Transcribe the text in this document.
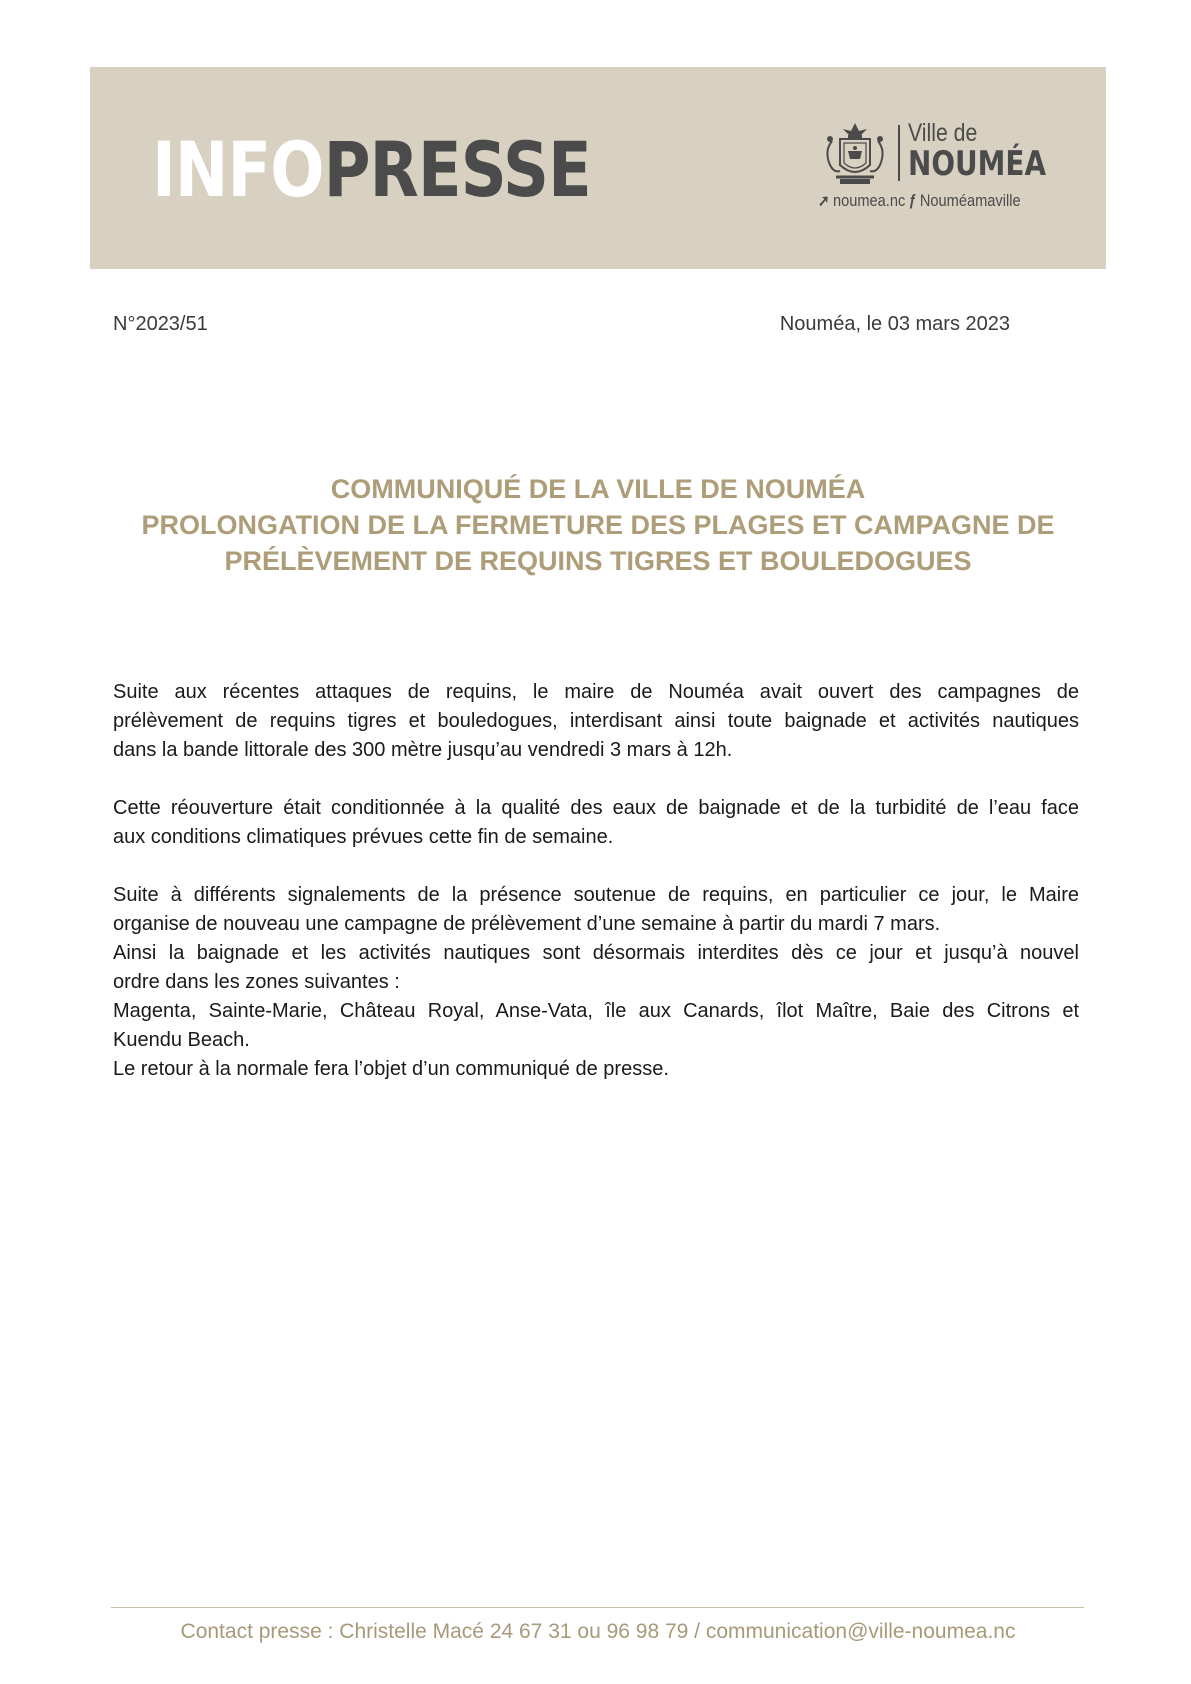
INFO PRESSE	Ville de
NOUMÉA
➚ noumea.nc ƒ Nouméamaville
N°2023/51	Nouméa, le 03 mars 2023
COMMUNIQUÉ DE LA VILLE DE NOUMÉA
PROLONGATION DE LA FERMETURE DES PLAGES ET CAMPAGNE DE
PRÉLÈVEMENT DE REQUINS TIGRES ET BOULEDOGUES

Suite aux récentes attaques de requins, le maire de Nouméa avait ouvert des campagnes de
prélèvement de requins tigres et bouledogues, interdisant ainsi toute baignade et activités nautiques
dans la bande littorale des 300 mètre jusqu’au vendredi 3 mars à 12h.

Cette réouverture était conditionnée à la qualité des eaux de baignade et de la turbidité de l’eau face
aux conditions climatiques prévues cette fin de semaine.

Suite à différents signalements de la présence soutenue de requins, en particulier ce jour, le Maire
organise de nouveau une campagne de prélèvement d’une semaine à partir du mardi 7 mars.
Ainsi la baignade et les activités nautiques sont désormais interdites dès ce jour et jusqu’à nouvel
ordre dans les zones suivantes :
Magenta, Sainte-Marie, Château Royal, Anse-Vata, île aux Canards, îlot Maître, Baie des Citrons et
Kuendu Beach.
Le retour à la normale fera l’objet d’un communiqué de presse.

Contact presse : Christelle Macé 24 67 31 ou 96 98 79 / communication@ville-noumea.nc
